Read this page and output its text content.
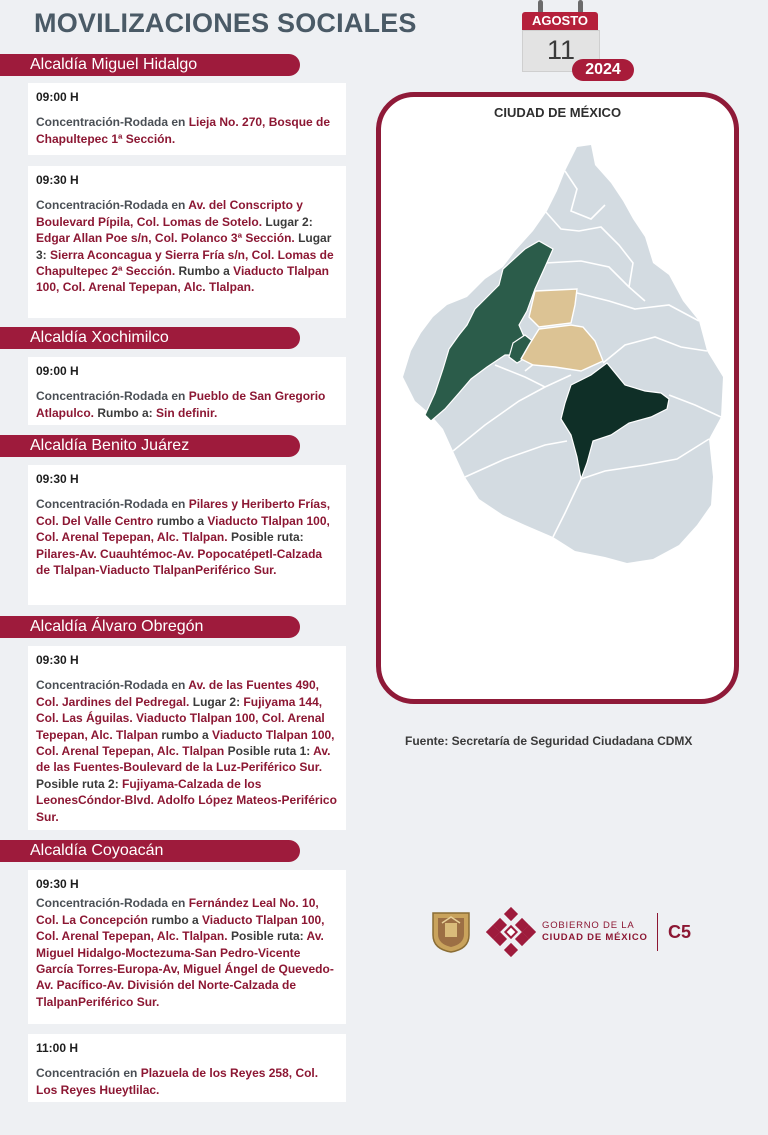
MOVILIZACIONES SOCIALES	AGOSTO
11
2024
Alcaldía Miguel Hidalgo
Alcaldía Xochimilco
Alcaldía Benito Juárez
Alcaldía Álvaro Obregón
Alcaldía Coyoacán
09:00 H
Concentración-Rodada en Lieja No. 270, Bosque de Chapultepec 1ª Sección.
09:30 H
Concentración-Rodada en Av. del Conscripto y Boulevard Pípila, Col. Lomas de Sotelo. Lugar 2: Edgar Allan Poe s/n, Col. Polanco 3ª Sección. Lugar 3: Sierra Aconcagua y Sierra Fría s/n, Col. Lomas de Chapultepec 2ª Sección. Rumbo a Viaducto Tlalpan 100, Col. Arenal Tepepan, Alc. Tlalpan.
09:00 H
Concentración-Rodada en Pueblo de San Gregorio Atlapulco. Rumbo a: Sin definir.
09:30 H
Concentración-Rodada en Pilares y Heriberto Frías, Col. Del Valle Centro rumbo a Viaducto Tlalpan 100, Col. Arenal Tepepan, Alc. Tlalpan. Posible ruta: Pilares-Av. Cuauhtémoc-Av. Popocatépetl-Calzada de Tlalpan-Viaducto TlalpanPeriférico Sur.
09:30 H
Concentración-Rodada en Av. de las Fuentes 490, Col. Jardines del Pedregal. Lugar 2: Fujiyama 144, Col. Las Águilas. Viaducto Tlalpan 100, Col. Arenal Tepepan, Alc. Tlalpan rumbo a Viaducto Tlalpan 100, Col. Arenal Tepepan, Alc. Tlalpan Posible ruta 1: Av. de las Fuentes-Boulevard de la Luz-Periférico Sur. Posible ruta 2: Fujiyama-Calzada de los LeonesCóndor-Blvd. Adolfo López Mateos-Periférico Sur.
09:30 H
Concentración-Rodada en Fernández Leal No. 10, Col. La Concepción rumbo a Viaducto Tlalpan 100, Col. Arenal Tepepan, Alc. Tlalpan. Posible ruta: Av. Miguel Hidalgo-Moctezuma-San Pedro-Vicente García Torres-Europa-Av, Miguel Ángel de Quevedo-Av. Pacífico-Av. División del Norte-Calzada de TlalpanPeriférico Sur.
11:00 H
Concentración en Plazuela de los Reyes 258, Col. Los Reyes Hueytlilac.
CIUDAD DE MÉXICO
Fuente: Secretaría de Seguridad Ciudadana CDMX
GOBIERNO DE LA
CIUDAD DE MÉXICO C5
